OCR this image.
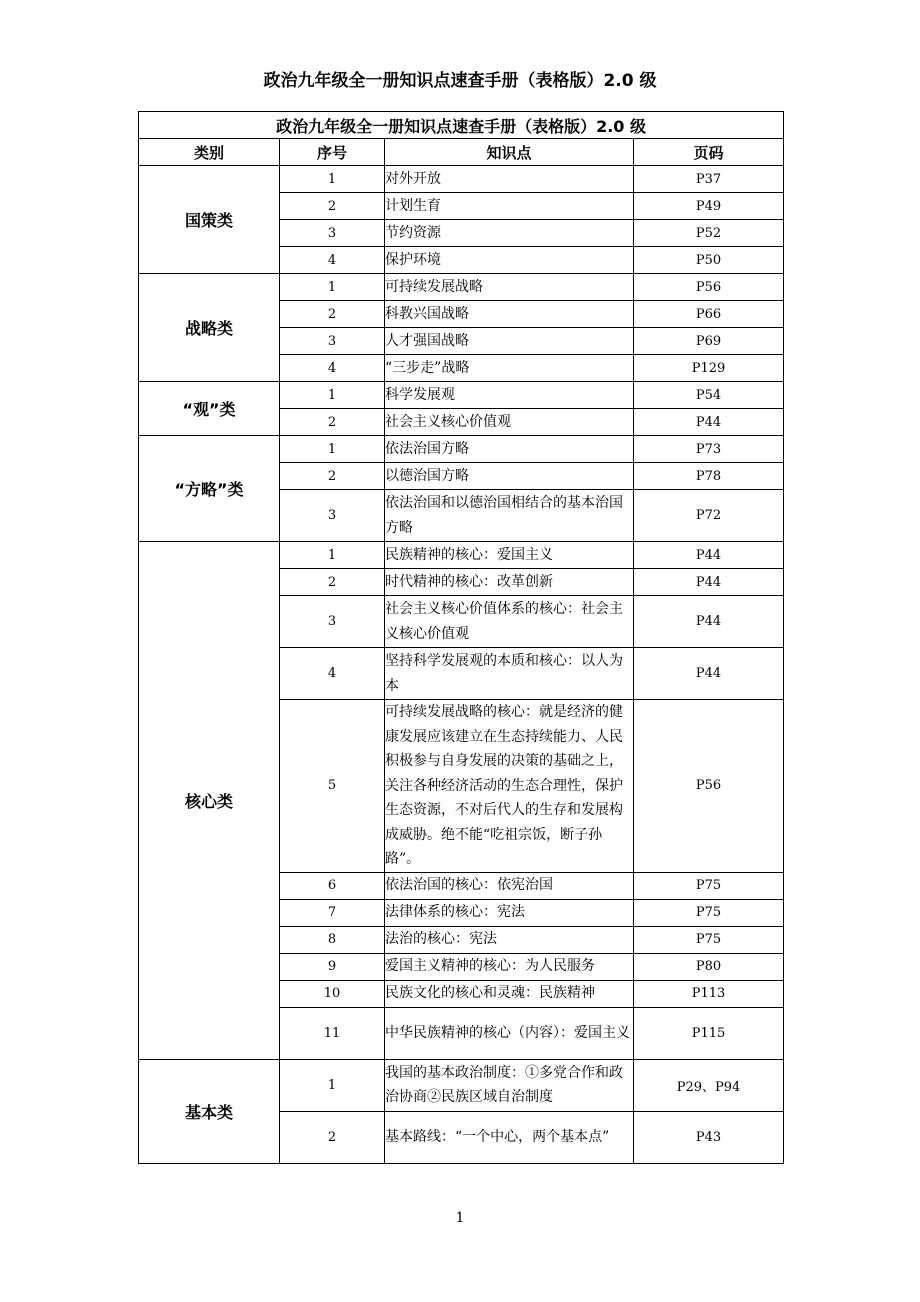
政治九年级全一册知识点速查手册（表格版）2.0 级
政治九年级全一册知识点速查手册（表格版）2.0 级			
类别	序号	知识点	页码
国策类	1	对外开放	P37
	2	计划生育	P49
	3	节约资源	P52
	4	保护环境	P50
战略类	1	可持续发展战略	P56
	2	科教兴国战略	P66
	3	人才强国战略	P69
	4	“三步走”战略	P129
“观”类	1	科学发展观	P54
	2	社会主义核心价值观	P44
“方略”类	1	依法治国方略	P73
	2	以德治国方略	P78
	3	依法治国和以德治国相结合的基本治国方略	P72
核心类	1	民族精神的核心：爱国主义	P44
	2	时代精神的核心：改革创新	P44
	3	社会主义核心价值体系的核心：社会主义核心价值观	P44
	4	坚持科学发展观的本质和核心：以人为本	P44
	5	可持续发展战略的核心：就是经济的健康发展应该建立在生态持续能力、人民积极参与自身发展的决策的基础之上，关注各种经济活动的生态合理性，保护生态资源，不对后代人的生存和发展构成威胁。绝不能“吃祖宗饭，断子孙路”。	P56
	6	依法治国的核心：依宪治国	P75
	7	法律体系的核心：宪法	P75
	8	法治的核心：宪法	P75
	9	爱国主义精神的核心：为人民服务	P80
	10	民族文化的核心和灵魂：民族精神	P113
	11	中华民族精神的核心（内容）：爱国主义	P115
基本类	1	我国的基本政治制度：①多党合作和政治协商②民族区域自治制度	P29、P94
	2	基本路线：“一个中心，两个基本点”	P43
1
